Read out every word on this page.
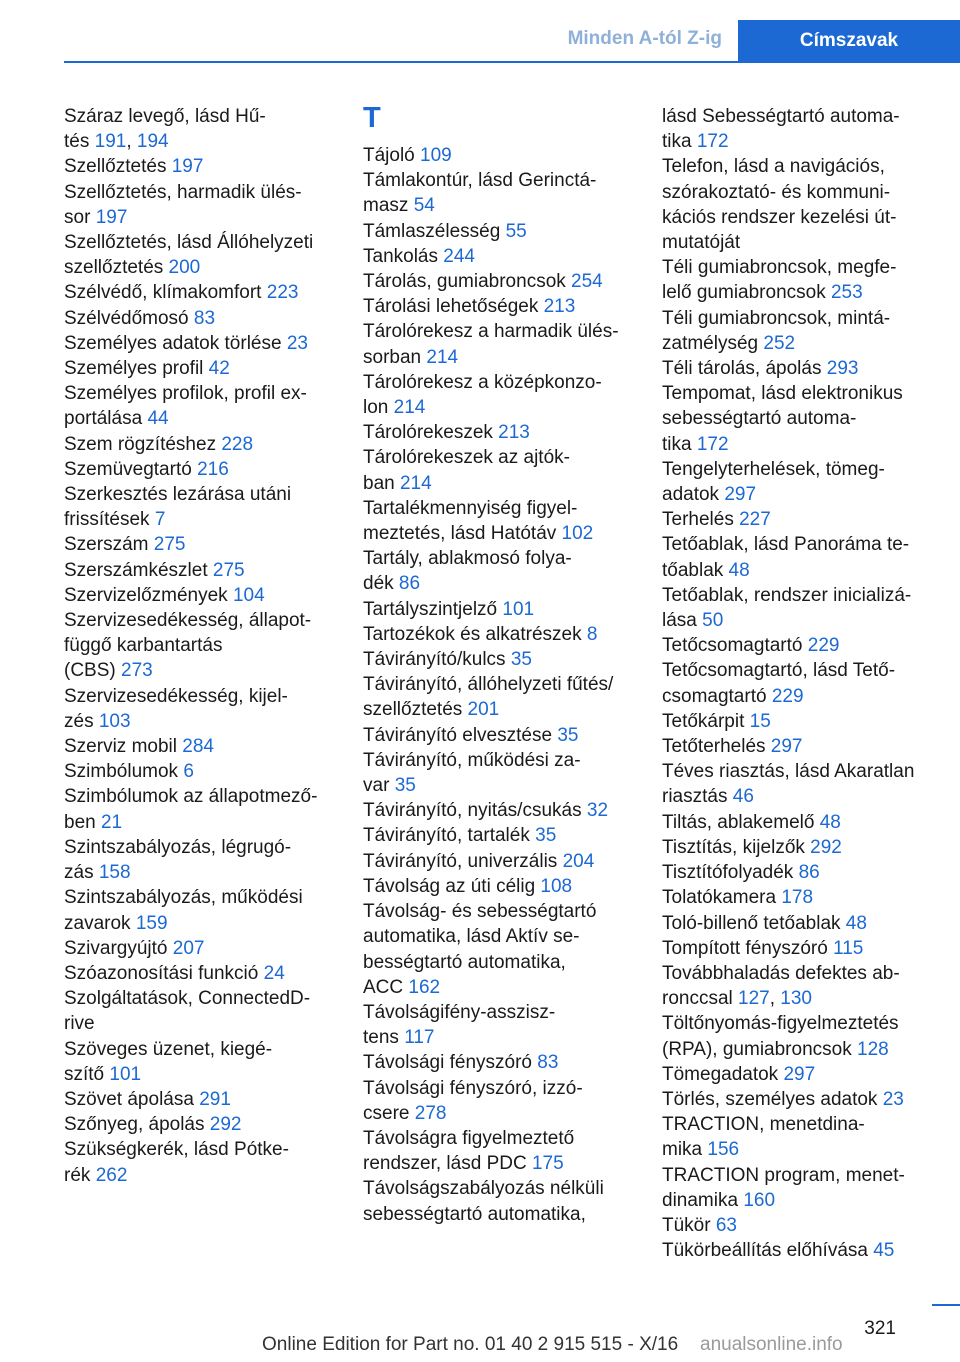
Minden A-tól Z-ig	Címszavak
Száraz levegő, lásd Hű-
tés 191, 194
Szellőztetés 197
Szellőztetés, harmadik ülés-
sor 197
Szellőztetés, lásd Állóhelyzeti
szellőztetés 200
Szélvédő, klímakomfort 223
Szélvédőmosó 83
Személyes adatok törlése 23
Személyes profil 42
Személyes profilok, profil ex-
portálása 44
Szem rögzítéshez 228
Szemüvegtartó 216
Szerkesztés lezárása utáni
frissítések 7
Szerszám 275
Szerszámkészlet 275
Szervizelőzmények 104
Szervizesedékesség, állapot-
függő karbantartás
(CBS) 273
Szervizesedékesség, kijel-
zés 103
Szerviz mobil 284
Szimbólumok 6
Szimbólumok az állapotmező-
ben 21
Szintszabályozás, légrugó-
zás 158
Szintszabályozás, működési
zavarok 159
Szivargyújtó 207
Szóazonosítási funkció 24
Szolgáltatások, ConnectedD-
rive
Szöveges üzenet, kiegé-
szítő 101
Szövet ápolása 291
Szőnyeg, ápolás 292
Szükségkerék, lásd Pótke-
rék 262
T
Tájoló 109
Támlakontúr, lásd Gerinctá-
masz 54
Támlaszélesség 55
Tankolás 244
Tárolás, gumiabroncsok 254
Tárolási lehetőségek 213
Tárolórekesz a harmadik ülés-
sorban 214
Tárolórekesz a középkonzo-
lon 214
Tárolórekeszek 213
Tárolórekeszek az ajtók-
ban 214
Tartalékmennyiség figyel-
meztetés, lásd Hatótáv 102
Tartály, ablakmosó folya-
dék 86
Tartályszintjelző 101
Tartozékok és alkatrészek 8
Távirányító/kulcs 35
Távirányító, állóhelyzeti fűtés/
szellőztetés 201
Távirányító elvesztése 35
Távirányító, működési za-
var 35
Távirányító, nyitás/csukás 32
Távirányító, tartalék 35
Távirányító, univerzális 204
Távolság az úti célig 108
Távolság- és sebességtartó
automatika, lásd Aktív se-
bességtartó automatika,
ACC 162
Távolságifény-asszisz-
tens 117
Távolsági fényszóró 83
Távolsági fényszóró, izzó-
csere 278
Távolságra figyelmeztető
rendszer, lásd PDC 175
Távolságszabályozás nélküli
sebességtartó automatika,
lásd Sebességtartó automa-
tika 172
Telefon, lásd a navigációs,
szórakoztató- és kommuni-
kációs rendszer kezelési út-
mutatóját
Téli gumiabroncsok, megfe-
lelő gumiabroncsok 253
Téli gumiabroncsok, mintá-
zatmélység 252
Téli tárolás, ápolás 293
Tempomat, lásd elektronikus
sebességtartó automa-
tika 172
Tengelyterhelések, tömeg-
adatok 297
Terhelés 227
Tetőablak, lásd Panoráma te-
tőablak 48
Tetőablak, rendszer inicializá-
lása 50
Tetőcsomagtartó 229
Tetőcsomagtartó, lásd Tető-
csomagtartó 229
Tetőkárpit 15
Tetőterhelés 297
Téves riasztás, lásd Akaratlan
riasztás 46
Tiltás, ablakemelő 48
Tisztítás, kijelzők 292
Tisztítófolyadék 86
Tolatókamera 178
Toló-billenő tetőablak 48
Tompított fényszóró 115
Továbbhaladás defektes ab-
ronccsal 127, 130
Töltőnyomás-figyelmeztetés
(RPA), gumiabroncsok 128
Tömegadatok 297
Törlés, személyes adatok 23
TRACTION, menetdina-
mika 156
TRACTION program, menet-
dinamika 160
Tükör 63
Tükörbeállítás előhívása 45
321
Online Edition for Part no. 01 40 2 915 515 - X/16 anualsonline.info
